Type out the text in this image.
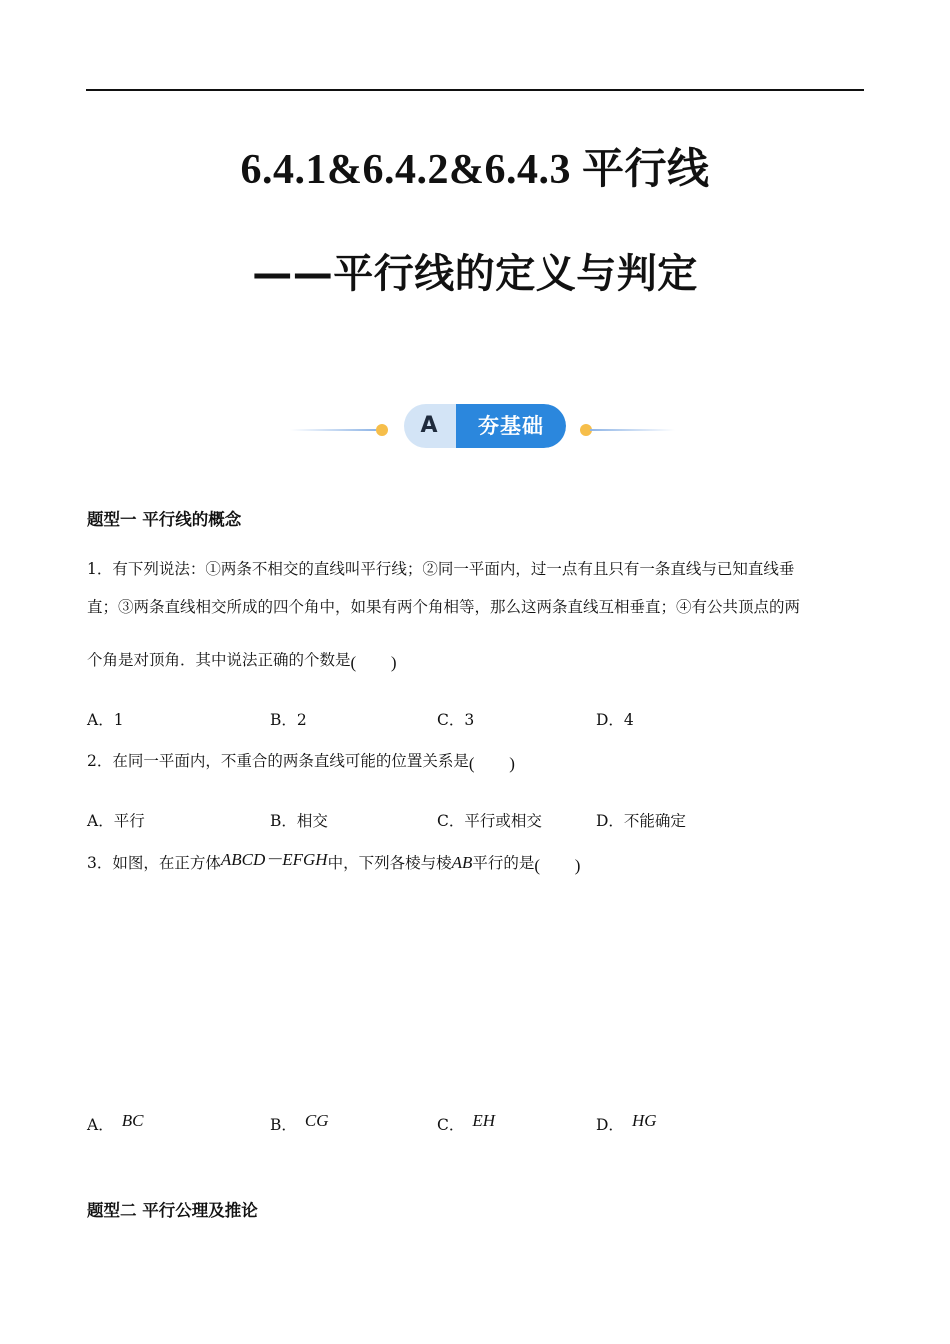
6.4.1&6.4.2&6.4.3 平行线
——平行线的定义与判定
A	夯基础
题型一 平行线的概念
1．有下列说法：①两条不相交的直线叫平行线；②同一平面内，过一点有且只有一条直线与已知直线垂
直；③两条直线相交所成的四个角中，如果有两个角相等，那么这两条直线互相垂直；④有公共顶点的两
个角是对顶角．其中说法正确的个数是 ( )
A．1	B．2	C．3	D．4
2．在同一平面内，不重合的两条直线可能的位置关系是 ( )
A．平行	B．相交	C．平行或相交	D．不能确定
3．如图，在正方体ABCD－EFGH中，下列各棱与棱AB平行的是 ( )
A． BC	B． CG	C． EH	D． HG
题型二 平行公理及推论
